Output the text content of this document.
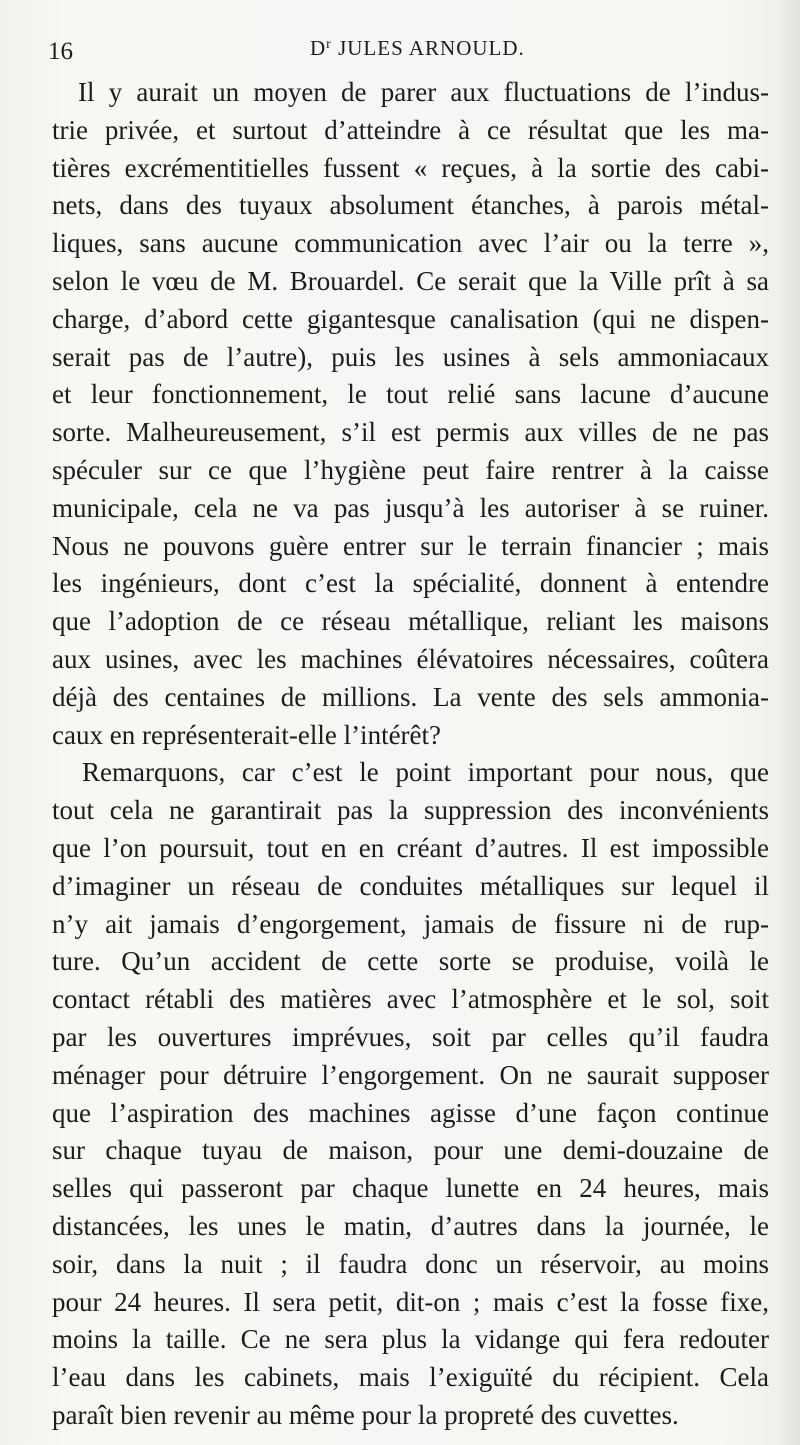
16	$D^r$ JULES ARNOULD.
Il y aurait un moyen de parer aux fluctuations de l’indus-
trie privée, et surtout d’atteindre à ce résultat que les ma-
tières excrémentitielles fussent « reçues, à la sortie des cabi-
nets, dans des tuyaux absolument étanches, à parois métal-
liques, sans aucune communication avec l’air ou la terre »,
selon le vœu de M. Brouardel. Ce serait que la Ville prît à sa
charge, d’abord cette gigantesque canalisation (qui ne dispen-
serait pas de l’autre), puis les usines à sels ammoniacaux
et leur fonctionnement, le tout relié sans lacune d’aucune
sorte. Malheureusement, s’il est permis aux villes de ne pas
spéculer sur ce que l’hygiène peut faire rentrer à la caisse
municipale, cela ne va pas jusqu’à les autoriser à se ruiner.
Nous ne pouvons guère entrer sur le terrain financier ; mais
les ingénieurs, dont c’est la spécialité, donnent à entendre
que l’adoption de ce réseau métallique, reliant les maisons
aux usines, avec les machines élévatoires nécessaires, coûtera
déjà des centaines de millions. La vente des sels ammonia-
caux en représenterait-elle l’intérêt?
Remarquons, car c’est le point important pour nous, que
tout cela ne garantirait pas la suppression des inconvénients
que l’on poursuit, tout en en créant d’autres. Il est impossible
d’imaginer un réseau de conduites métalliques sur lequel il
n’y ait jamais d’engorgement, jamais de fissure ni de rup-
ture. Qu’un accident de cette sorte se produise, voilà le
contact rétabli des matières avec l’atmosphère et le sol, soit
par les ouvertures imprévues, soit par celles qu’il faudra
ménager pour détruire l’engorgement. On ne saurait supposer
que l’aspiration des machines agisse d’une façon continue
sur chaque tuyau de maison, pour une demi-douzaine de
selles qui passeront par chaque lunette en 24 heures, mais
distancées, les unes le matin, d’autres dans la journée, le
soir, dans la nuit ; il faudra donc un réservoir, au moins
pour 24 heures. Il sera petit, dit-on ; mais c’est la fosse fixe,
moins la taille. Ce ne sera plus la vidange qui fera redouter
l’eau dans les cabinets, mais l’exiguïté du récipient. Cela
paraît bien revenir au même pour la propreté des cuvettes.
